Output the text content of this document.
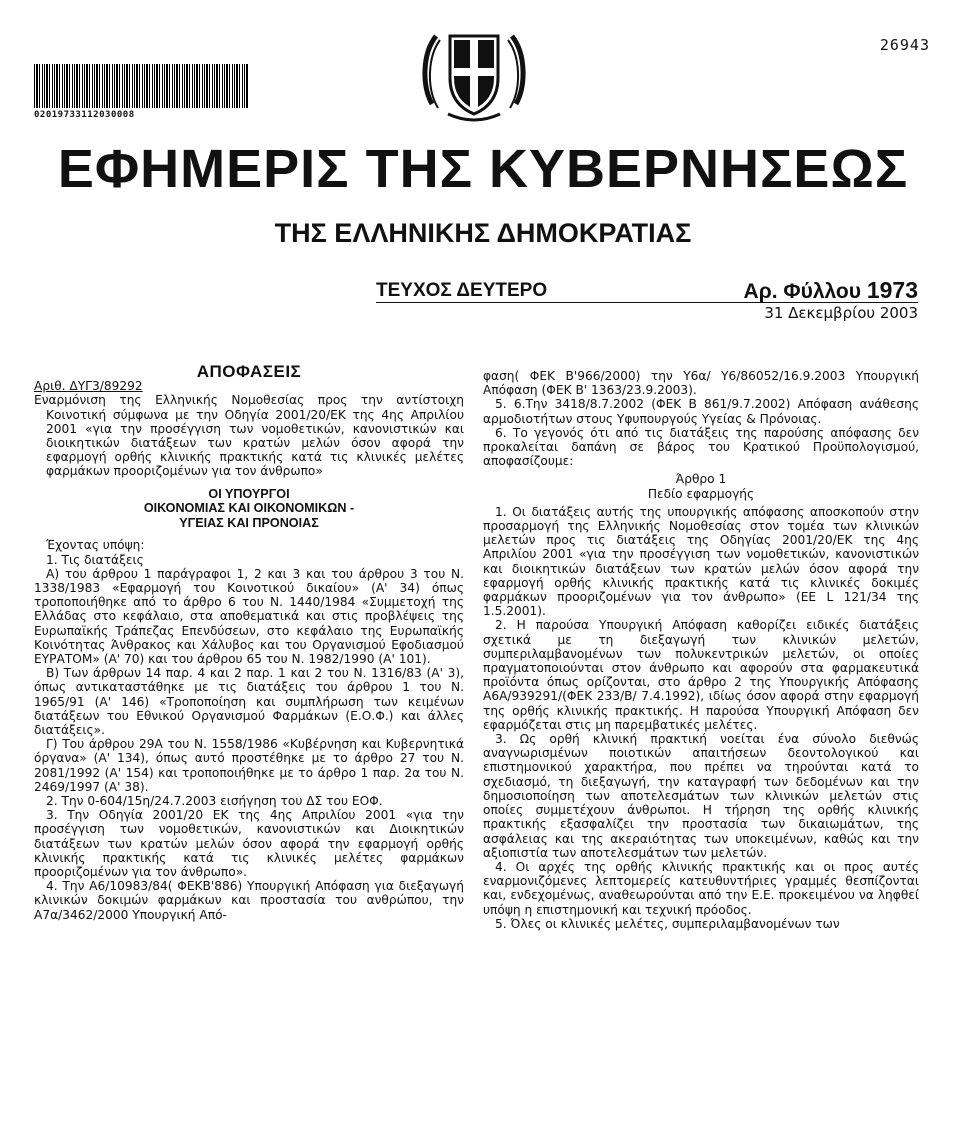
26943
02019733112030008
ΕΦΗΜΕΡΙΣ ΤΗΣ ΚΥΒΕΡΝΗΣΕΩΣ
ΤΗΣ ΕΛΛΗΝΙΚΗΣ ΔΗΜΟΚΡΑΤΙΑΣ
ΤΕΥΧΟΣ ΔΕΥΤΕΡΟ	Αρ. Φύλλου 1973
31 Δεκεμβρίου 2003

ΑΠΟΦΑΣΕΙΣ

Αριθ. ΔΥΓ3/89292

Εναρμόνιση της Ελληνικής Νομοθεσίας προς την αντίστοιχη Κοινοτική σύμφωνα με την Οδηγία 2001/20/ΕΚ της 4ης Απριλίου 2001 «για την προσέγγιση των νομοθετικών, κανονιστικών και διοικητικών διατάξεων των κρατών μελών όσον αφορά την εφαρμογή ορθής κλινικής πρακτικής κατά τις κλινικές μελέτες φαρμάκων προοριζομένων για τον άνθρωπο»

ΟΙ ΥΠΟΥΡΓΟΙ
ΟΙΚΟΝΟΜΙΑΣ ΚΑΙ ΟΙΚΟΝΟΜΙΚΩΝ -
ΥΓΕΙΑΣ ΚΑΙ ΠΡΟΝΟΙΑΣ

Έχοντας υπόψη:

1. Τις διατάξεις

Α) του άρθρου 1 παράγραφοι 1, 2 και 3 και του άρθρου 3 του Ν. 1338/1983 «Εφαρμογή του Κοινοτικού δικαίου» (Α' 34) όπως τροποποιήθηκε από το άρθρο 6 του Ν. 1440/1984 «Συμμετοχή της Ελλάδας στο κεφάλαιο, στα αποθεματικά και στις προβλέψεις της Ευρωπαϊκής Τράπεζας Επενδύσεων, στο κεφάλαιο της Ευρωπαϊκής Κοινότητας Άνθρακος και Χάλυβος και του Οργανισμού Εφοδιασμού ΕΥΡΑΤΟΜ» (Α' 70) και του άρθρου 65 του Ν. 1982/1990 (Α' 101).

Β) Των άρθρων 14 παρ. 4 και 2 παρ. 1 και 2 του Ν. 1316/83 (Α' 3), όπως αντικαταστάθηκε με τις διατάξεις του άρθρου 1 του Ν. 1965/91 (Α' 146) «Τροποποίηση και συμπλήρωση των κειμένων διατάξεων του Εθνικού Οργανισμού Φαρμάκων (Ε.Ο.Φ.) και άλλες διατάξεις».

Γ) Του άρθρου 29Α του Ν. 1558/1986 «Κυβέρνηση και Κυβερνητικά όργανα» (Α' 134), όπως αυτό προστέθηκε με το άρθρο 27 του Ν. 2081/1992 (Α' 154) και τροποποιήθηκε με το άρθρο 1 παρ. 2α του Ν. 2469/1997 (Α' 38).

2. Την 0-604/15η/24.7.2003 εισήγηση του ΔΣ του ΕΟΦ.

3. Την Οδηγία 2001/20 ΕΚ της 4ης Απριλίου 2001 «για την προσέγγιση των νομοθετικών, κανονιστικών και Διοικητικών διατάξεων των κρατών μελών όσον αφορά την εφαρμογή ορθής κλινικής πρακτικής κατά τις κλινικές μελέτες φαρμάκων προοριζομένων για τον άνθρωπο».

4. Την Α6/10983/84( ΦΕΚΒ'886) Υπουργική Απόφαση για διεξαγωγή κλινικών δοκιμών φαρμάκων και προστασία του ανθρώπου, την Α7α/3462/2000 Υπουργική Από-

φαση( ΦΕΚ Β'966/2000) την Υ6α/ Υ6/86052/16.9.2003 Υπουργική Απόφαση (ΦΕΚ Β' 1363/23.9.2003).

5. 6.Την 3418/8.7.2002 (ΦΕΚ Β 861/9.7.2002) Απόφαση ανάθεσης αρμοδιοτήτων στους Υφυπουργούς Υγείας & Πρόνοιας.

6. Το γεγονός ότι από τις διατάξεις της παρούσης απόφασης δεν προκαλείται δαπάνη σε βάρος του Κρατικού Προϋπολογισμού, αποφασίζουμε:

Άρθρο 1
Πεδίο εφαρμογής

1. Οι διατάξεις αυτής της υπουργικής απόφασης αποσκοπούν στην προσαρμογή της Ελληνικής Νομοθεσίας στον τομέα των κλινικών μελετών προς τις διατάξεις της Οδηγίας 2001/20/ΕΚ της 4ης Απριλίου 2001 «για την προσέγγιση των νομοθετικών, κανονιστικών και διοικητικών διατάξεων των κρατών μελών όσον αφορά την εφαρμογή ορθής κλινικής πρακτικής κατά τις κλινικές δοκιμές φαρμάκων προοριζομένων για τον άνθρωπο» (ΕΕ L 121/34 της 1.5.2001).

2. Η παρούσα Υπουργική Απόφαση καθορίζει ειδικές διατάξεις σχετικά με τη διεξαγωγή των κλινικών μελετών, συμπεριλαμβανομένων των πολυκεντρικών μελετών, οι οποίες πραγματοποιούνται στον άνθρωπο και αφορούν στα φαρμακευτικά προϊόντα όπως ορίζονται, στο άρθρο 2 της Υπουργικής Απόφασης Α6Α/939291/(ΦΕΚ 233/Β/ 7.4.1992), ιδίως όσον αφορά στην εφαρμογή της ορθής κλινικής πρακτικής. Η παρούσα Υπουργική Απόφαση δεν εφαρμόζεται στις μη παρεμβατικές μελέτες.

3. Ως ορθή κλινική πρακτική νοείται ένα σύνολο διεθνώς αναγνωρισμένων ποιοτικών απαιτήσεων δεοντολογικού και επιστημονικού χαρακτήρα, που πρέπει να τηρούνται κατά το σχεδιασμό, τη διεξαγωγή, την καταγραφή των δεδομένων και την δημοσιοποίηση των αποτελεσμάτων των κλινικών μελετών στις οποίες συμμετέχουν άνθρωποι. Η τήρηση της ορθής κλινικής πρακτικής εξασφαλίζει την προστασία των δικαιωμάτων, της ασφάλειας και της ακεραιότητας των υποκειμένων, καθώς και την αξιοπιστία των αποτελεσμάτων των μελετών.

4. Οι αρχές της ορθής κλινικής πρακτικής και οι προς αυτές εναρμονιζόμενες λεπτομερείς κατευθυντήριες γραμμές θεσπίζονται και, ενδεχομένως, αναθεωρούνται από την Ε.Ε. προκειμένου να ληφθεί υπόψη η επιστημονική και τεχνική πρόοδος.

5. Όλες οι κλινικές μελέτες, συμπεριλαμβανομένων των
